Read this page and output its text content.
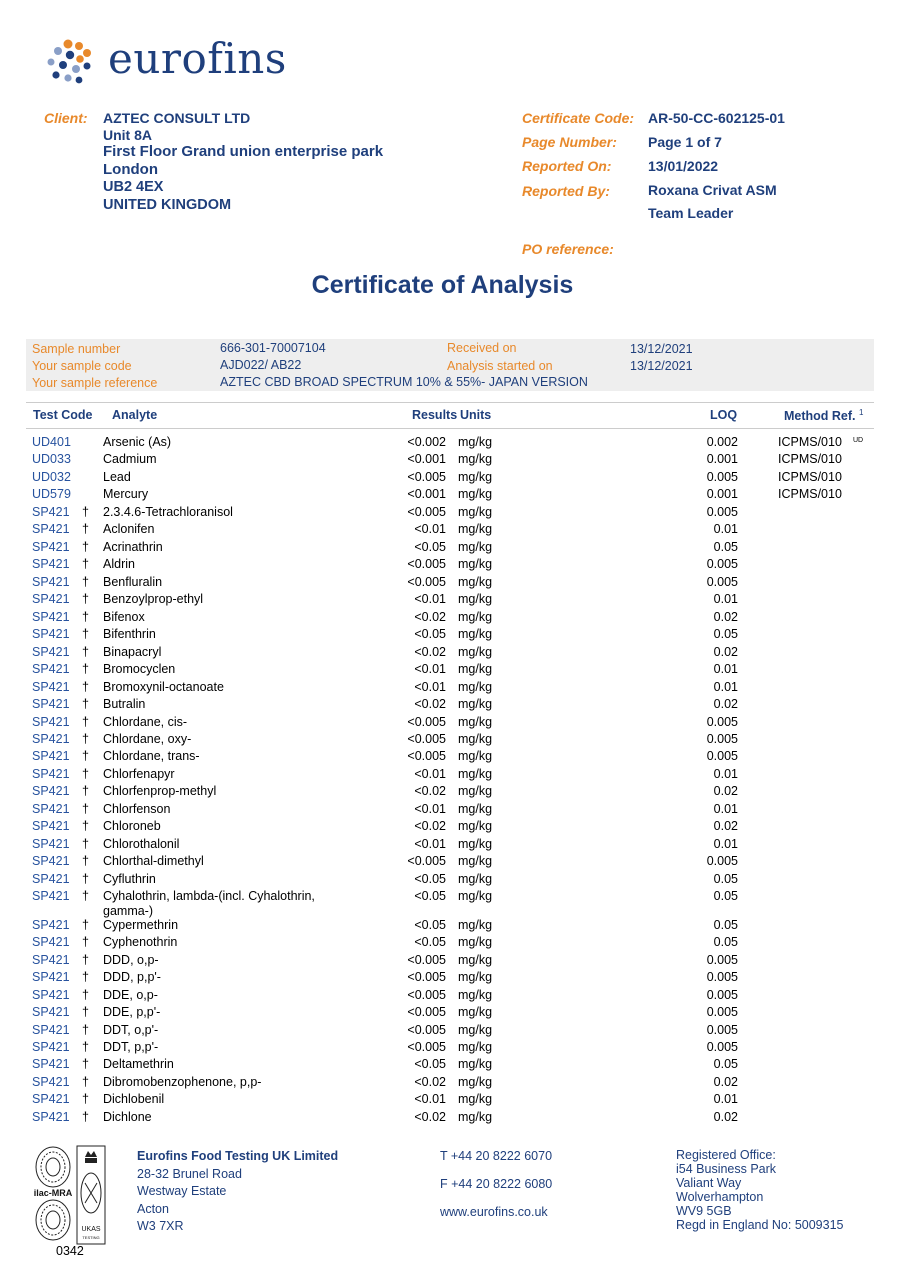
eurofins
Client: AZTEC CONSULT LTD
Unit 8A
First Floor Grand union enterprise park
London
UB2 4EX
UNITED KINGDOM
Certificate Code: AR-50-CC-602125-01
Page Number: Page 1 of 7
Reported On:	13/01/2022
Reported By:	Roxana Crivat ASM
Team Leader
PO reference:
Certificate of Analysis
Sample number	666-301-70007104
Your sample code	AJD022/ AB22
Your sample reference	AZTEC CBD BROAD SPECTRUM 10% & 55%- JAPAN VERSION
Received on	13/12/2021
Analysis started on	13/12/2021
Test Code Analyte	Results Units	LOQ	Method Ref. $^1$
UD401	Arsenic (As)	<0.002 mg/kg	0.002	ICPMS/010 UD
UD033	Cadmium	<0.001 mg/kg	0.001	ICPMS/010
UD032	Lead	<0.005 mg/kg	0.005	ICPMS/010
UD579	Mercury	<0.001 mg/kg	0.001	ICPMS/010
SP421 † 2.3.4.6-Tetrachloranisol	<0.005 mg/kg	0.005
SP421 † Aclonifen	<0.01 mg/kg	0.01
SP421 † Acrinathrin	<0.05 mg/kg	0.05
SP421 † Aldrin	<0.005 mg/kg	0.005
SP421 † Benfluralin	<0.005 mg/kg	0.005
SP421 † Benzoylprop-ethyl	<0.01 mg/kg	0.01
SP421 † Bifenox	<0.02 mg/kg	0.02
SP421 † Bifenthrin	<0.05 mg/kg	0.05
SP421 † Binapacryl	<0.02 mg/kg	0.02
SP421 † Bromocyclen	<0.01 mg/kg	0.01
SP421 † Bromoxynil-octanoate	<0.01 mg/kg	0.01
SP421 † Butralin	<0.02 mg/kg	0.02
SP421 † Chlordane, cis-	<0.005 mg/kg	0.005
SP421 † Chlordane, oxy-	<0.005 mg/kg	0.005
SP421 † Chlordane, trans-	<0.005 mg/kg	0.005
SP421 † Chlorfenapyr	<0.01 mg/kg	0.01
SP421 † Chlorfenprop-methyl	<0.02 mg/kg	0.02
SP421 † Chlorfenson	<0.01 mg/kg	0.01
SP421 † Chloroneb	<0.02 mg/kg	0.02
SP421 † Chlorothalonil	<0.01 mg/kg	0.01
SP421 † Chlorthal-dimethyl	<0.005 mg/kg	0.005
SP421 † Cyfluthrin	<0.05 mg/kg	0.05
SP421 † Cyhalothrin, lambda-(incl. Cyhalothrin, gamma-)
<0.05 mg/kg	0.05
SP421 † Cypermethrin	<0.05 mg/kg	0.05
SP421 † Cyphenothrin	<0.05 mg/kg	0.05
SP421 † DDD, o,p-	<0.005 mg/kg	0.005
SP421 † DDD, p,p'-	<0.005 mg/kg	0.005
SP421 † DDE, o,p-	<0.005 mg/kg	0.005
SP421 † DDE, p,p'-	<0.005 mg/kg	0.005
SP421 † DDT, o,p'-	<0.005 mg/kg	0.005
SP421 † DDT, p,p'-	<0.005 mg/kg	0.005
SP421 † Deltamethrin	<0.05 mg/kg	0.05
SP421 † Dibromobenzophenone, p,p-	<0.02 mg/kg	0.02
SP421 † Dichlobenil	<0.01 mg/kg	0.01
SP421 † Dichlone	<0.02 mg/kg	0.02
ilac-MRA
UKAS
TESTING
0342
Eurofins Food Testing UK Limited
28-32 Brunel Road
Westway Estate
Acton
W3 7XR
T +44 20 8222 6070
F +44 20 8222 6080
www.eurofins.co.uk
Registered Office:
i54 Business Park
Valiant Way
Wolverhampton
WV9 5GB
Regd in England No: 5009315
